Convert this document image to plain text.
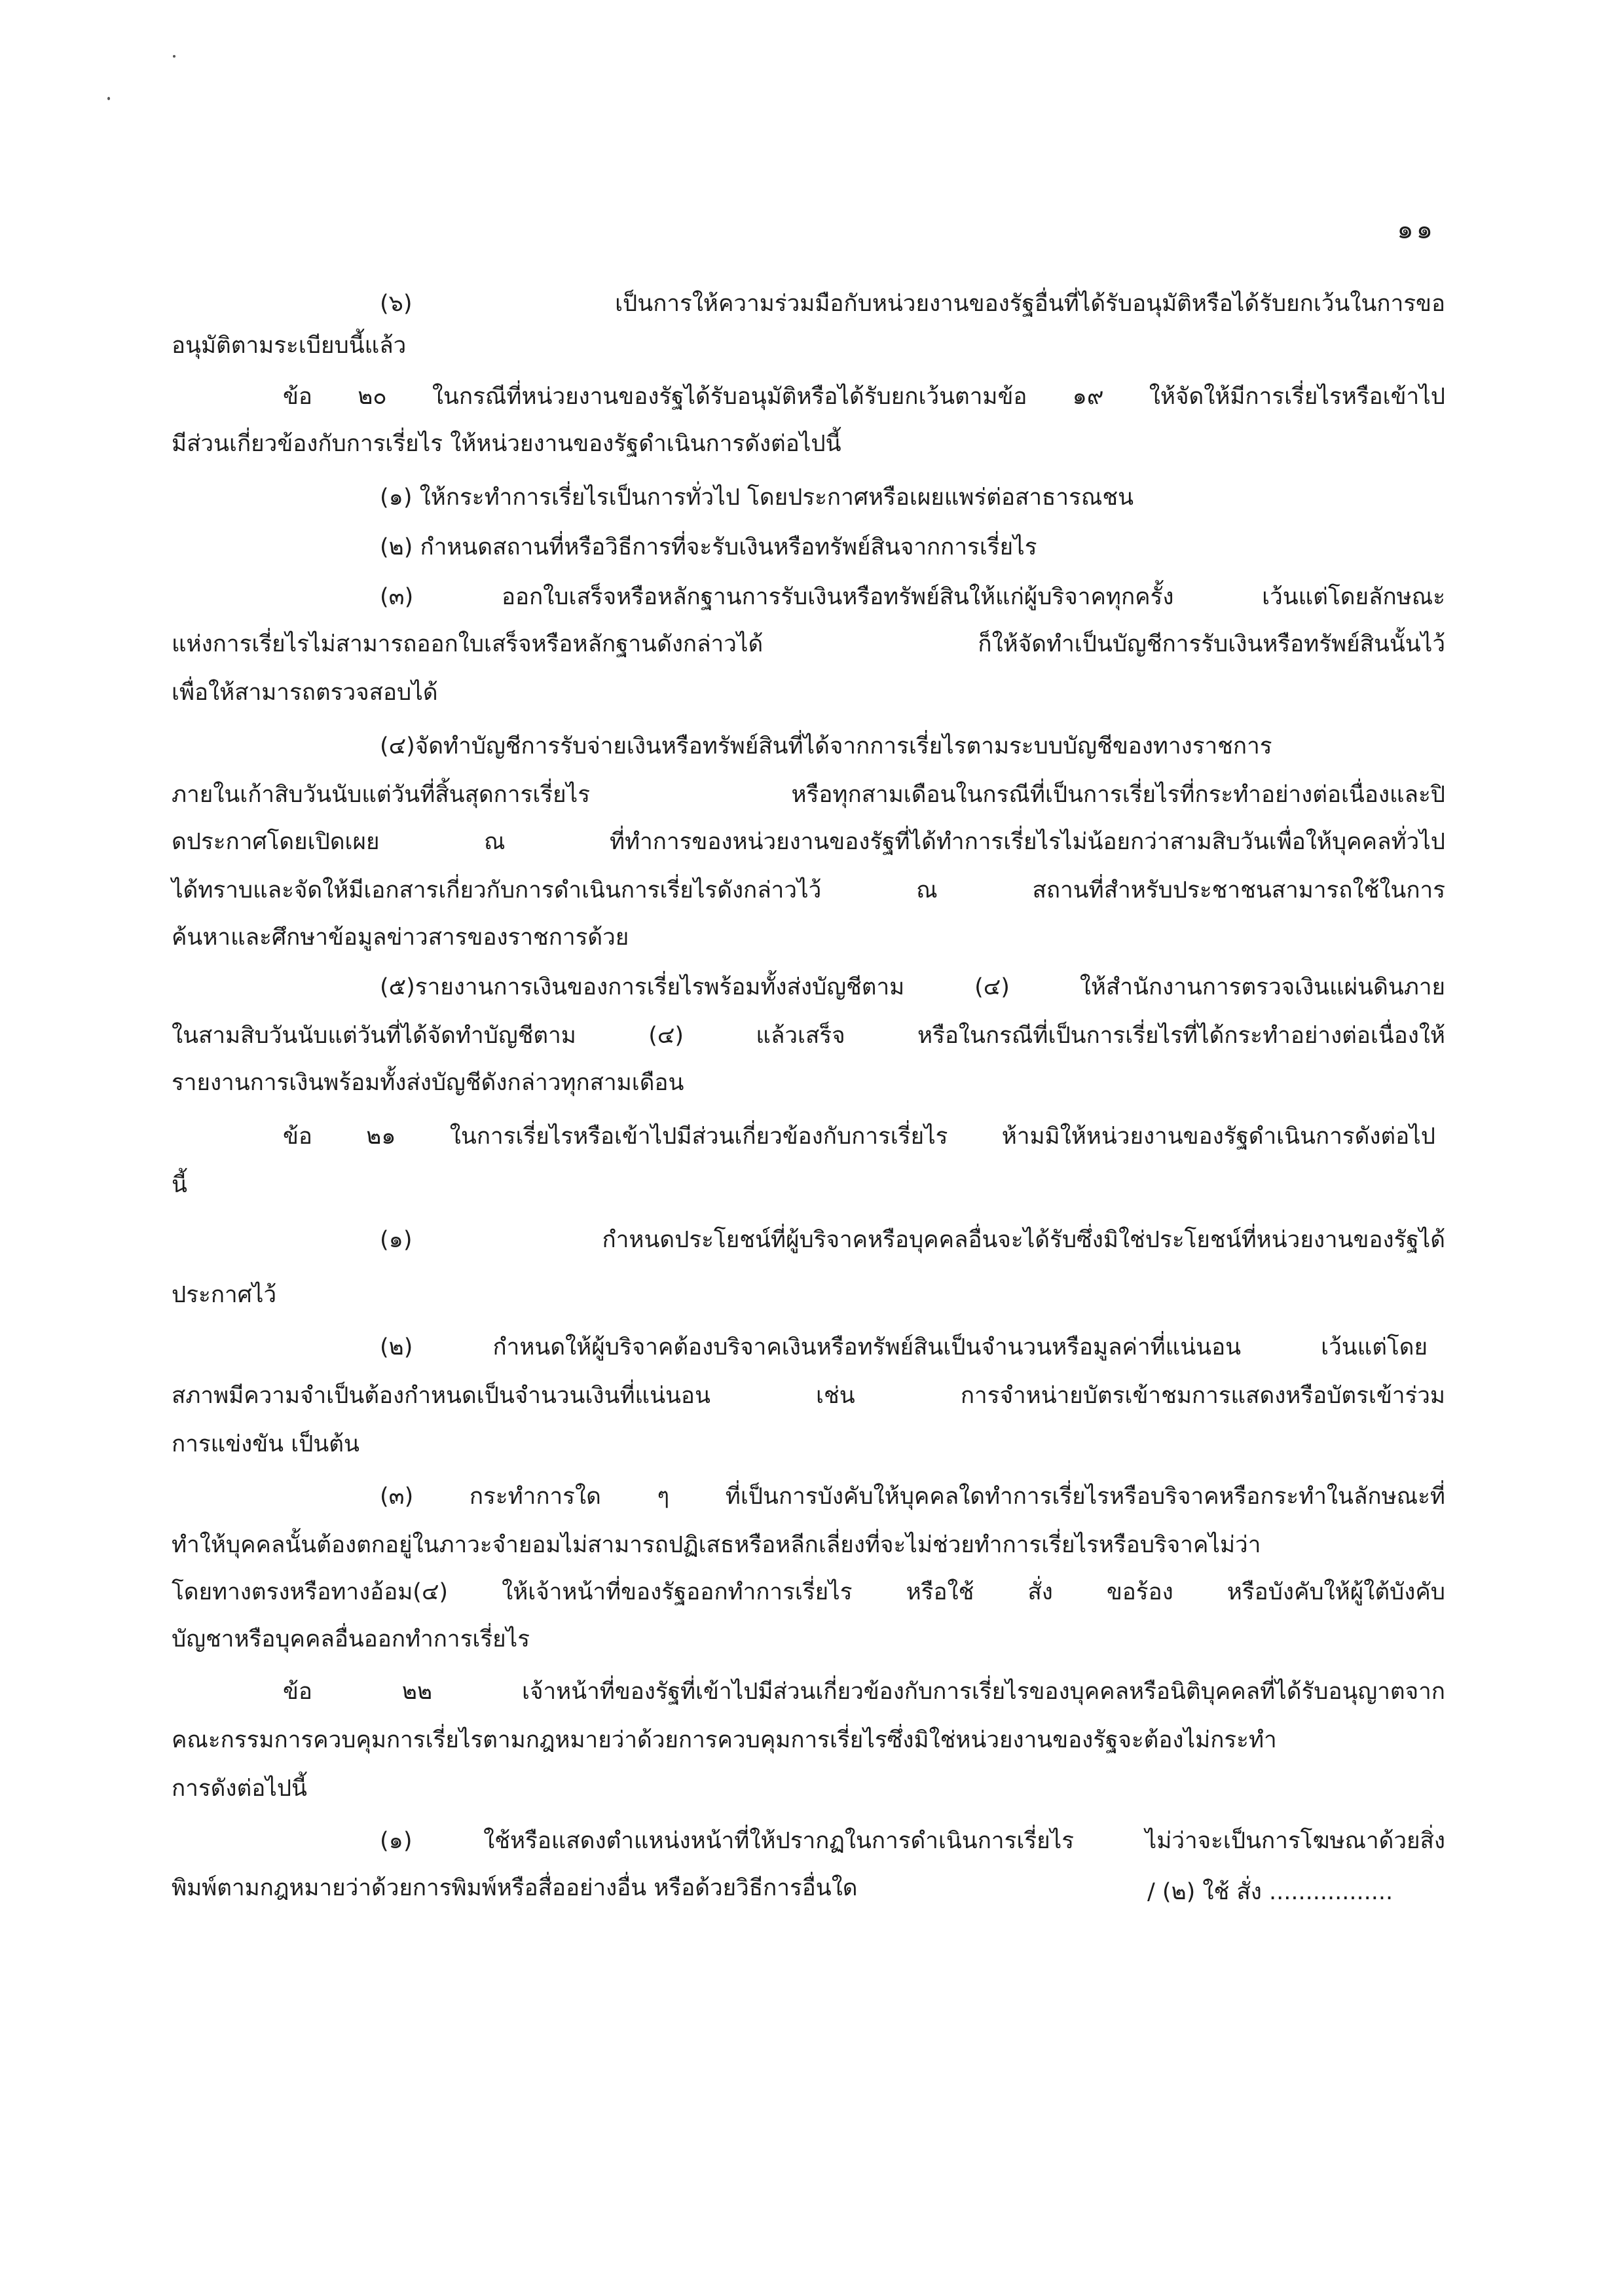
๑๑
(๖) เป็นการให้ความร่วมมือกับหน่วยงานของรัฐอื่นที่ได้รับอนุมัติหรือได้รับยกเว้นในการขอ
อนุมัติตามระเบียบนี้แล้ว
ข้อ ๒๐ ในกรณีที่หน่วยงานของรัฐได้รับอนุมัติหรือได้รับยกเว้นตามข้อ ๑๙ ให้จัดให้มีการเรี่ยไรหรือเข้าไป
มีส่วนเกี่ยวข้องกับการเรี่ยไร ให้หน่วยงานของรัฐดำเนินการดังต่อไปนี้
(๑) ให้กระทำการเรี่ยไรเป็นการทั่วไป โดยประกาศหรือเผยแพร่ต่อสาธารณชน
(๒) กำหนดสถานที่หรือวิธีการที่จะรับเงินหรือทรัพย์สินจากการเรี่ยไร
(๓) ออกใบเสร็จหรือหลักฐานการรับเงินหรือทรัพย์สินให้แก่ผู้บริจาคทุกครั้ง เว้นแต่โดยลักษณะ
แห่งการเรี่ยไรไม่สามารถออกใบเสร็จหรือหลักฐานดังกล่าวได้ ก็ให้จัดทำเป็นบัญชีการรับเงินหรือทรัพย์สินนั้นไว้
เพื่อให้สามารถตรวจสอบได้
(๔)จัดทำบัญชีการรับจ่ายเงินหรือทรัพย์สินที่ได้จากการเรี่ยไรตามระบบบัญชีของทางราชการ
ภายในเก้าสิบวันนับแต่วันที่สิ้นสุดการเรี่ยไร หรือทุกสามเดือนในกรณีที่เป็นการเรี่ยไรที่กระทำอย่างต่อเนื่องและปิ
ดประกาศโดยเปิดเผย ณ ที่ทำการของหน่วยงานของรัฐที่ได้ทำการเรี่ยไรไม่น้อยกว่าสามสิบวันเพื่อให้บุคคลทั่วไป
ได้ทราบและจัดให้มีเอกสารเกี่ยวกับการดำเนินการเรี่ยไรดังกล่าวไว้ ณ สถานที่สำหรับประชาชนสามารถใช้ในการ
ค้นหาและศึกษาข้อมูลข่าวสารของราชการด้วย
(๕)รายงานการเงินของการเรี่ยไรพร้อมทั้งส่งบัญชีตาม (๔) ให้สำนักงานการตรวจเงินแผ่นดินภาย
ในสามสิบวันนับแต่วันที่ได้จัดทำบัญชีตาม (๔) แล้วเสร็จ หรือในกรณีที่เป็นการเรี่ยไรที่ได้กระทำอย่างต่อเนื่องให้
รายงานการเงินพร้อมทั้งส่งบัญชีดังกล่าวทุกสามเดือน
ข้อ ๒๑ ในการเรี่ยไรหรือเข้าไปมีส่วนเกี่ยวข้องกับการเรี่ยไร ห้ามมิให้หน่วยงานของรัฐดำเนินการดังต่อไป
นี้
(๑) กำหนดประโยชน์ที่ผู้บริจาคหรือบุคคลอื่นจะได้รับซึ่งมิใช่ประโยชน์ที่หน่วยงานของรัฐได้
ประกาศไว้
(๒) กำหนดให้ผู้บริจาคต้องบริจาคเงินหรือทรัพย์สินเป็นจำนวนหรือมูลค่าที่แน่นอน เว้นแต่โดย
สภาพมีความจำเป็นต้องกำหนดเป็นจำนวนเงินที่แน่นอน เช่น การจำหน่ายบัตรเข้าชมการแสดงหรือบัตรเข้าร่วม
การแข่งขัน เป็นต้น
(๓) กระทำการใด ๆ ที่เป็นการบังคับให้บุคคลใดทำการเรี่ยไรหรือบริจาคหรือกระทำในลักษณะที่
ทำให้บุคคลนั้นต้องตกอยู่ในภาวะจำยอมไม่สามารถปฏิเสธหรือหลีกเลี่ยงที่จะไม่ช่วยทำการเรี่ยไรหรือบริจาคไม่ว่า
โดยทางตรงหรือทางอ้อม(๔) ให้เจ้าหน้าที่ของรัฐออกทำการเรี่ยไร หรือใช้ สั่ง ขอร้อง หรือบังคับให้ผู้ใต้บังคับ
บัญชาหรือบุคคลอื่นออกทำการเรี่ยไร
ข้อ ๒๒ เจ้าหน้าที่ของรัฐที่เข้าไปมีส่วนเกี่ยวข้องกับการเรี่ยไรของบุคคลหรือนิติบุคคลที่ได้รับอนุญาตจาก
คณะกรรมการควบคุมการเรี่ยไรตามกฎหมายว่าด้วยการควบคุมการเรี่ยไรซึ่งมิใช่หน่วยงานของรัฐจะต้องไม่กระทำ
การดังต่อไปนี้
(๑) ใช้หรือแสดงตำแหน่งหน้าที่ให้ปรากฏในการดำเนินการเรี่ยไร ไม่ว่าจะเป็นการโฆษณาด้วยสิ่ง
พิมพ์ตามกฎหมายว่าด้วยการพิมพ์หรือสื่ออย่างอื่น หรือด้วยวิธีการอื่นใด	/ (๒) ใช้ สั่ง .................
